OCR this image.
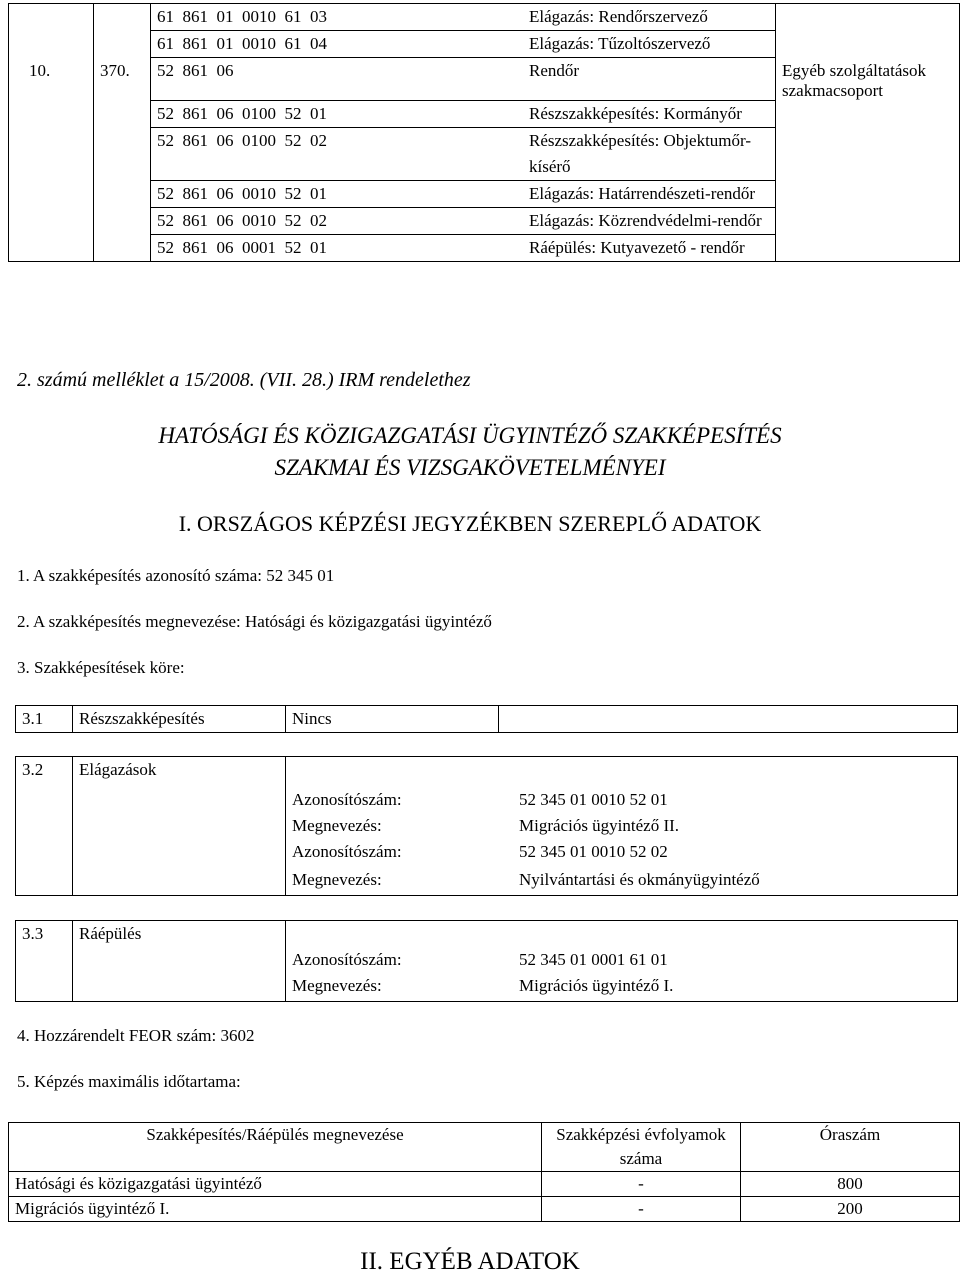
		61  861  01  0010  61  03	Elágazás: Rendőrszervező	
		61  861  01  0010  61  04	Elágazás: Tűzoltószervező	
10.	370.	52  861  06	Rendőr	Egyéb szolgáltatások szakmacsoport
		52  861  06  0100  52  01	Részszakképesítés: Kormányőr	
		52  861  06  0100  52  02	Részszakképesítés: Objektumőr-kísérő	
		52  861  06  0010  52  01	Elágazás: Határrendészeti-rendőr	
		52  861  06  0010  52  02	Elágazás: Közrendvédelmi-rendőr	
		52  861  06  0001  52  01	Ráépülés: Kutyavezető - rendőr	

2. számú melléklet a 15/2008. (VII. 28.) IRM rendelethez

HATÓSÁGI ÉS KÖZIGAZGATÁSI ÜGYINTÉZŐ SZAKKÉPESÍTÉS
SZAKMAI ÉS VIZSGAKÖVETELMÉNYEI
I. ORSZÁGOS KÉPZÉSI JEGYZÉKBEN SZEREPLŐ ADATOK

1. A szakképesítés azonosító száma: 52 345 01

2. A szakképesítés megnevezése: Hatósági és közigazgatási ügyintéző

3. Szakképesítések köre:

3.1	Részszakképesítés	Nincs	
3.2	Elágazások	
Azonosítószám:	52 345 01 0010 52 01
Megnevezés:	Migrációs ügyintéző II.
Azonosítószám:	52 345 01 0010 52 02
Megnevezés:	Nyilvántartási és okmányügyintéző
3.3	Ráépülés	
Azonosítószám:	52 345 01 0001 61 01
Megnevezés:	Migrációs ügyintéző I.

4. Hozzárendelt FEOR szám: 3602

5. Képzés maximális időtartama:

Szakképesítés/Ráépülés megnevezése	Szakképzési évfolyamok száma	Óraszám
Hatósági és közigazgatási ügyintéző	-	800
Migrációs ügyintéző I.	-	200
II. EGYÉB ADATOK
